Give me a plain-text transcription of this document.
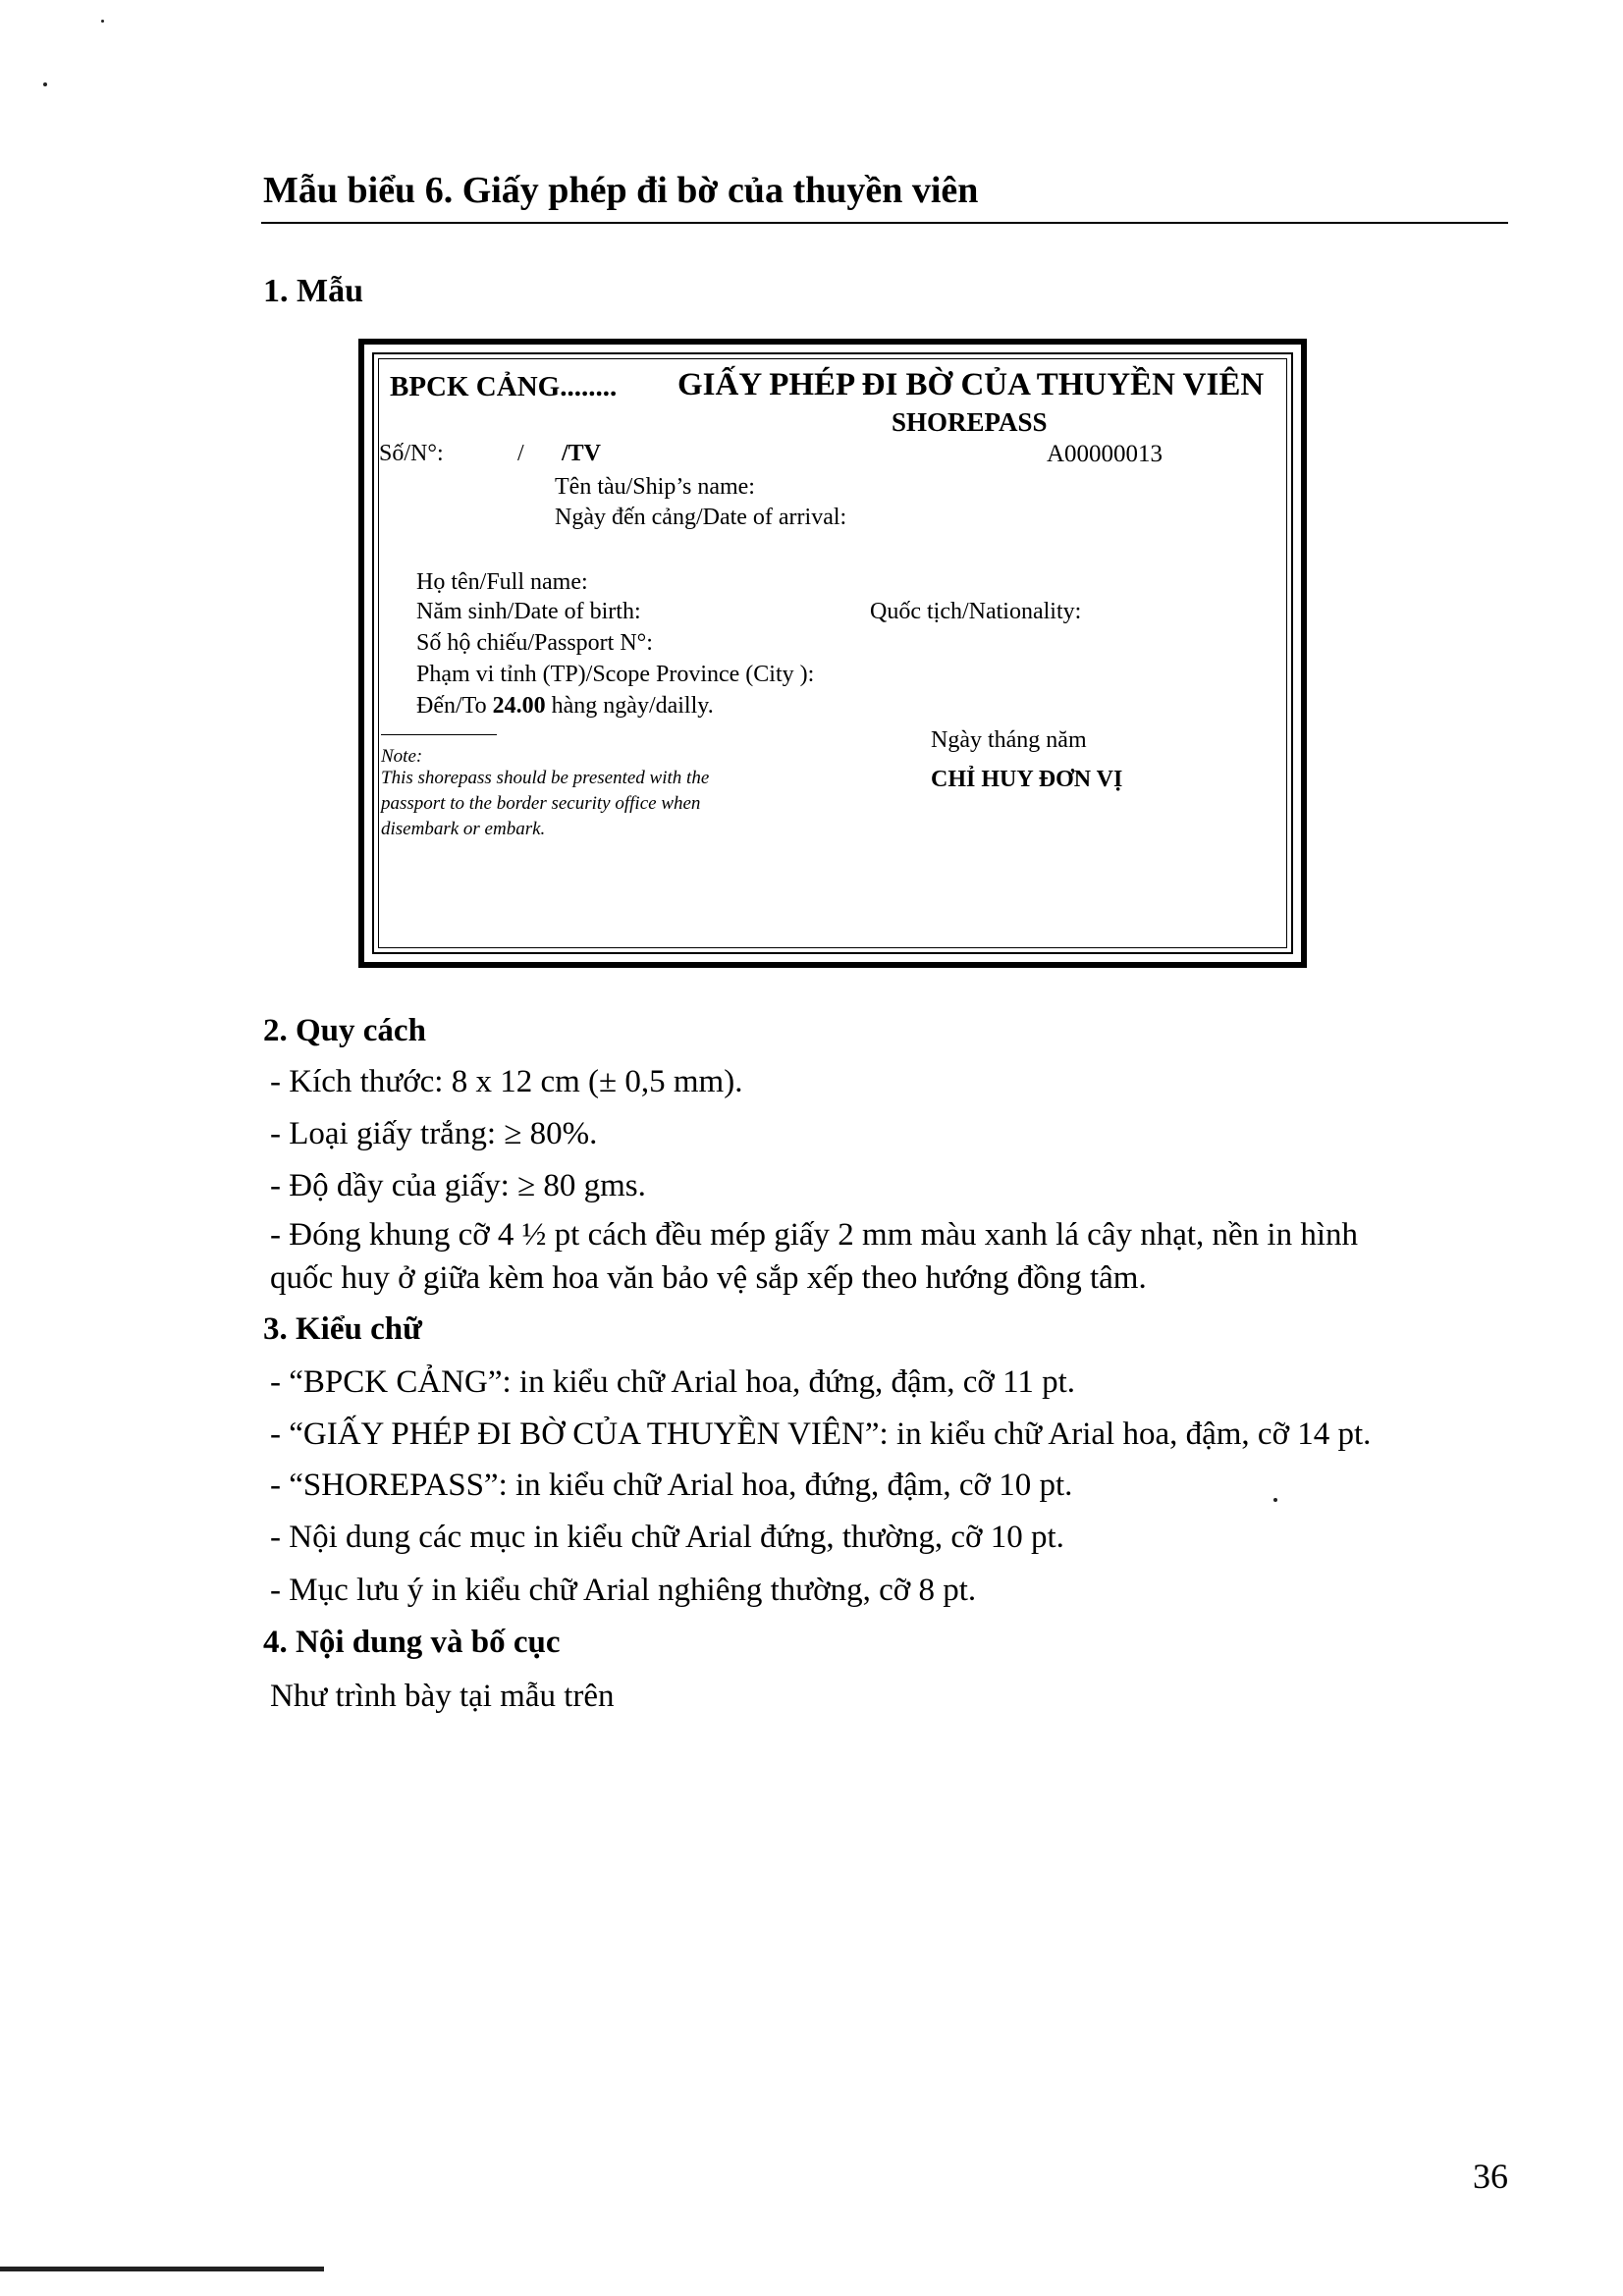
Mẫu biểu 6. Giấy phép đi bờ của thuyền viên
1. Mẫu
BPCK CẢNG........ GIẤY PHÉP ĐI BỜ CỦA THUYỀN VIÊN
SHOREPASS
Số/N°:	/ /TV	A00000013
Tên tàu/Ship’s name:
Ngày đến cảng/Date of arrival:
Họ tên/Full name:
Năm sinh/Date of birth:	Quốc tịch/Nationality:
Số hộ chiếu/Passport N°:
Phạm vi tỉnh (TP)/Scope Province (City ):
Đến/To 24.00 hàng ngày/dailly.
Note:
This shorepass should be presented with the
passport to the border security office when
disembark or embark.
Ngày tháng năm
CHỈ HUY ĐƠN VỊ
2. Quy cách
- Kích thước: 8 x 12 cm (± 0,5 mm).
- Loại giấy trắng: ≥ 80%.
- Độ dầy của giấy: ≥ 80 gms.
- Đóng khung cỡ 4 ½ pt cách đều mép giấy 2 mm màu xanh lá cây nhạt, nền in hình
quốc huy ở giữa kèm hoa văn bảo vệ sắp xếp theo hướng đồng tâm.
3. Kiểu chữ
- “BPCK CẢNG”: in kiểu chữ Arial hoa, đứng, đậm, cỡ 11 pt.
- “GIẤY PHÉP ĐI BỜ CỦA THUYỀN VIÊN”: in kiểu chữ Arial hoa, đậm, cỡ 14 pt.
- “SHOREPASS”: in kiểu chữ Arial hoa, đứng, đậm, cỡ 10 pt.
- Nội dung các mục in kiểu chữ Arial đứng, thường, cỡ 10 pt.
- Mục lưu ý in kiểu chữ Arial nghiêng thường, cỡ 8 pt.
4. Nội dung và bố cục
Như trình bày tại mẫu trên
36
